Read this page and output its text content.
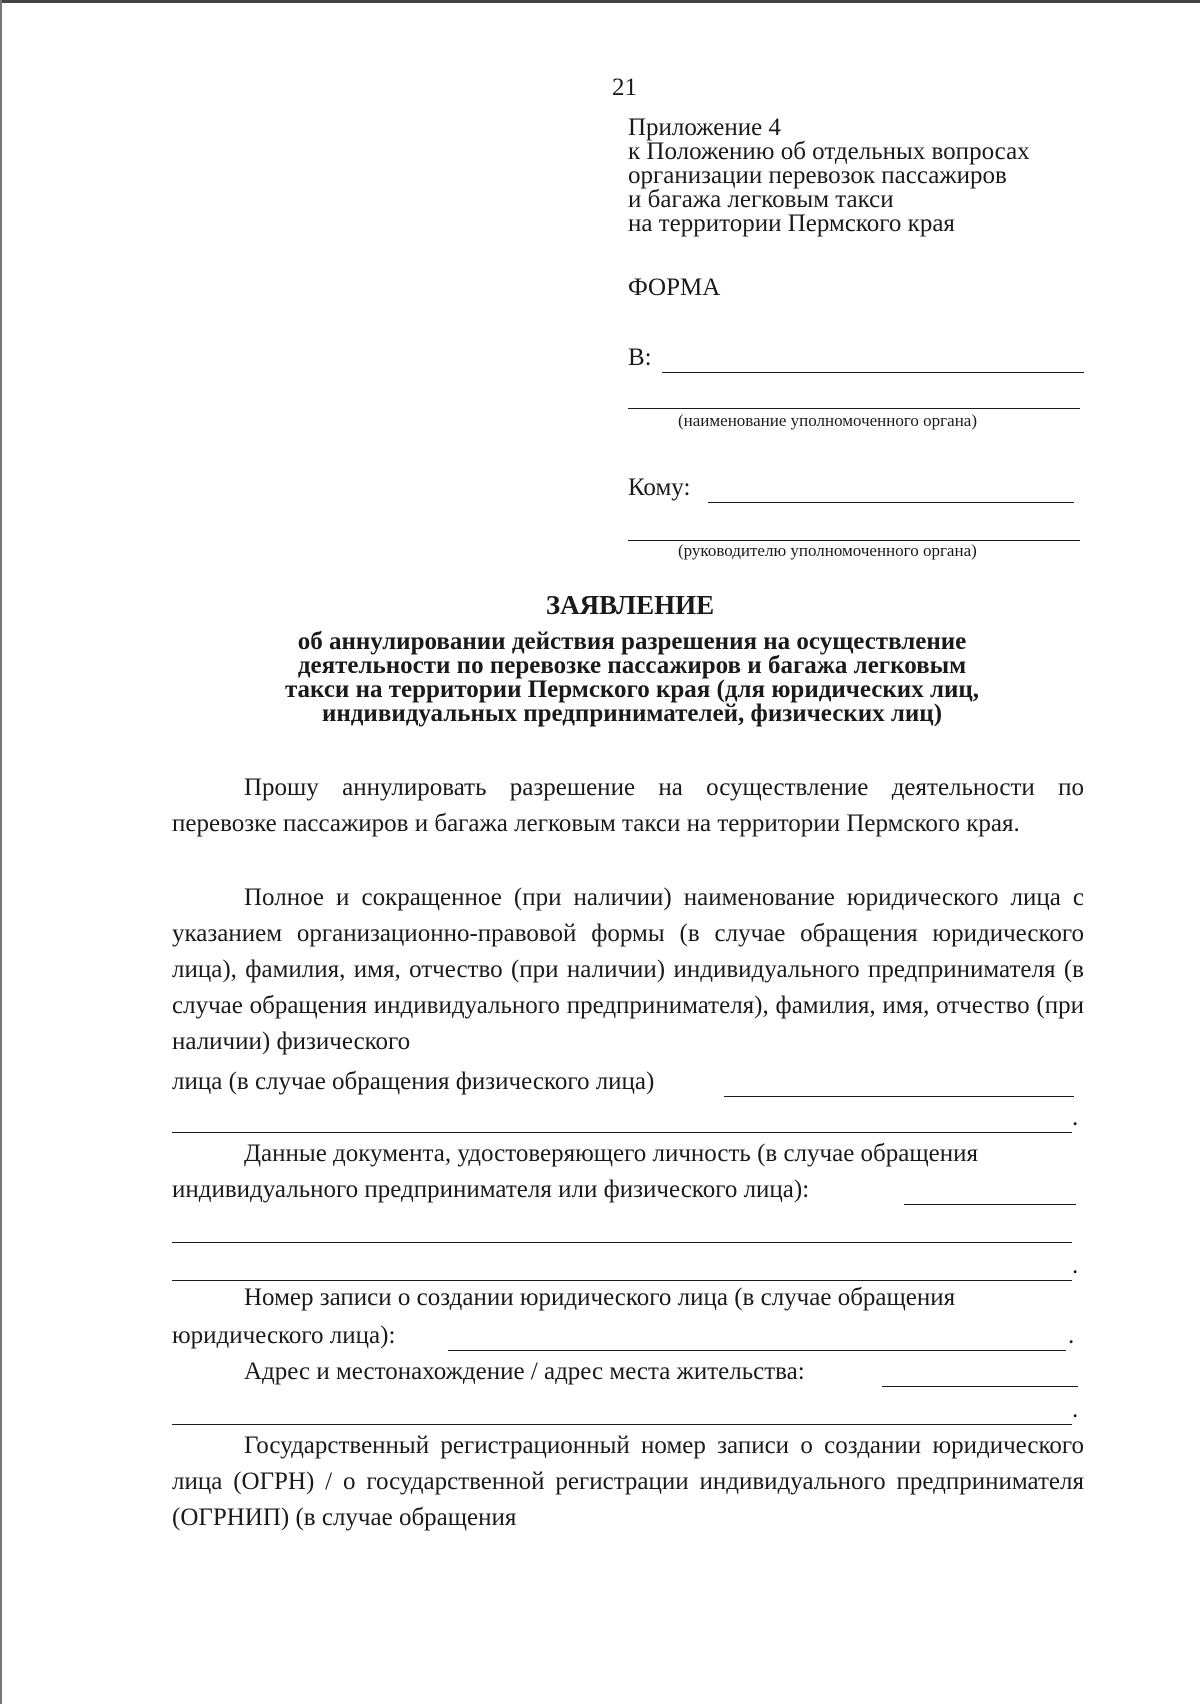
21
Приложение 4
к Положению об отдельных вопросах
организации перевозок пассажиров
и багажа легковым такси
на территории Пермского края
ФОРМА
В:
(наименование уполномоченного органа)
Кому:
(руководителю уполномоченного органа)
ЗАЯВЛЕНИЕ
об аннулировании действия разрешения на осуществление
деятельности по перевозке пассажиров и багажа легковым
такси на территории Пермского края (для юридических лиц,
индивидуальных предпринимателей, физических лиц)
Прошу аннулировать разрешение на осуществление деятельности по перевозке пассажиров и багажа легковым такси на территории Пермского края.
Полное и сокращенное (при наличии) наименование юридического лица с указанием организационно-правовой формы (в случае обращения юридического лица), фамилия, имя, отчество (при наличии) индивидуального предпринимателя (в случае обращения индивидуального предпринимателя), фамилия, имя, отчество (при наличии) физического
лица (в случае обращения физического лица)
.
Данные документа, удостоверяющего личность (в случае обращения
индивидуального предпринимателя или физического лица):
.
Номер записи о создании юридического лица (в случае обращения
юридического лица):	.
Адрес и местонахождение / адрес места жительства:
.
Государственный регистрационный номер записи о создании юридического лица (ОГРН) / о государственной регистрации индивидуального предпринимателя (ОГРНИП) (в случае обращения
